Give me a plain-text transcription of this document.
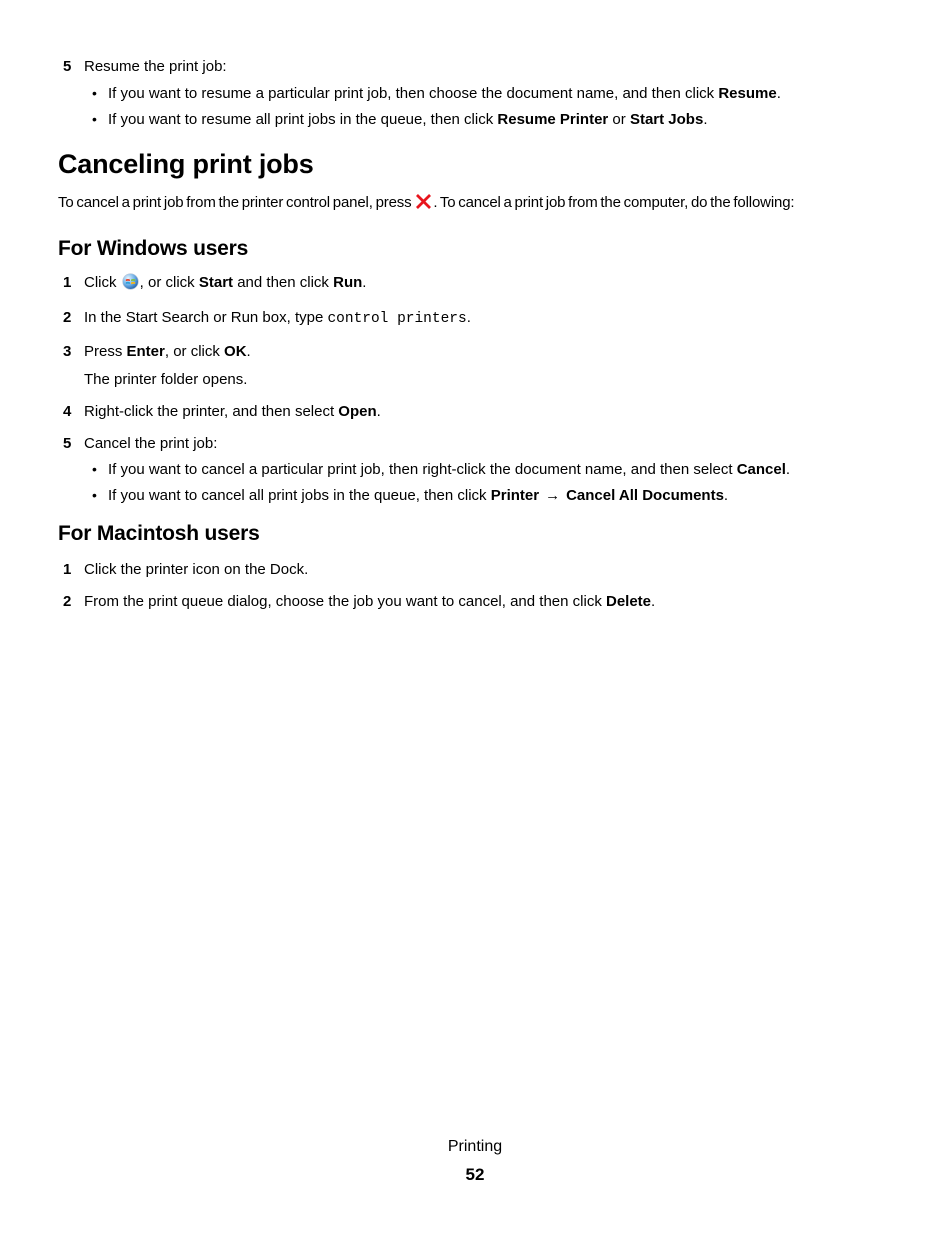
5 Resume the print job:
• If you want to resume a particular print job, then choose the document name, and then click Resume.
• If you want to resume all print jobs in the queue, then click Resume Printer or Start Jobs.
Canceling print jobs

To cancel a print job from the printer control panel, press . To cancel a print job from the computer, do the following:

For Windows users
1 Click , or click Start and then click Run.
2 In the Start Search or Run box, type control printers.
3 Press Enter, or click OK.
The printer folder opens.
4 Right-click the printer, and then select Open.
5 Cancel the print job:
• If you want to cancel a particular print job, then right-click the document name, and then select Cancel.
• If you want to cancel all print jobs in the queue, then click Printer → Cancel All Documents.
For Macintosh users
1 Click the printer icon on the Dock.
2 From the print queue dialog, choose the job you want to cancel, and then click Delete.
Printing
52
